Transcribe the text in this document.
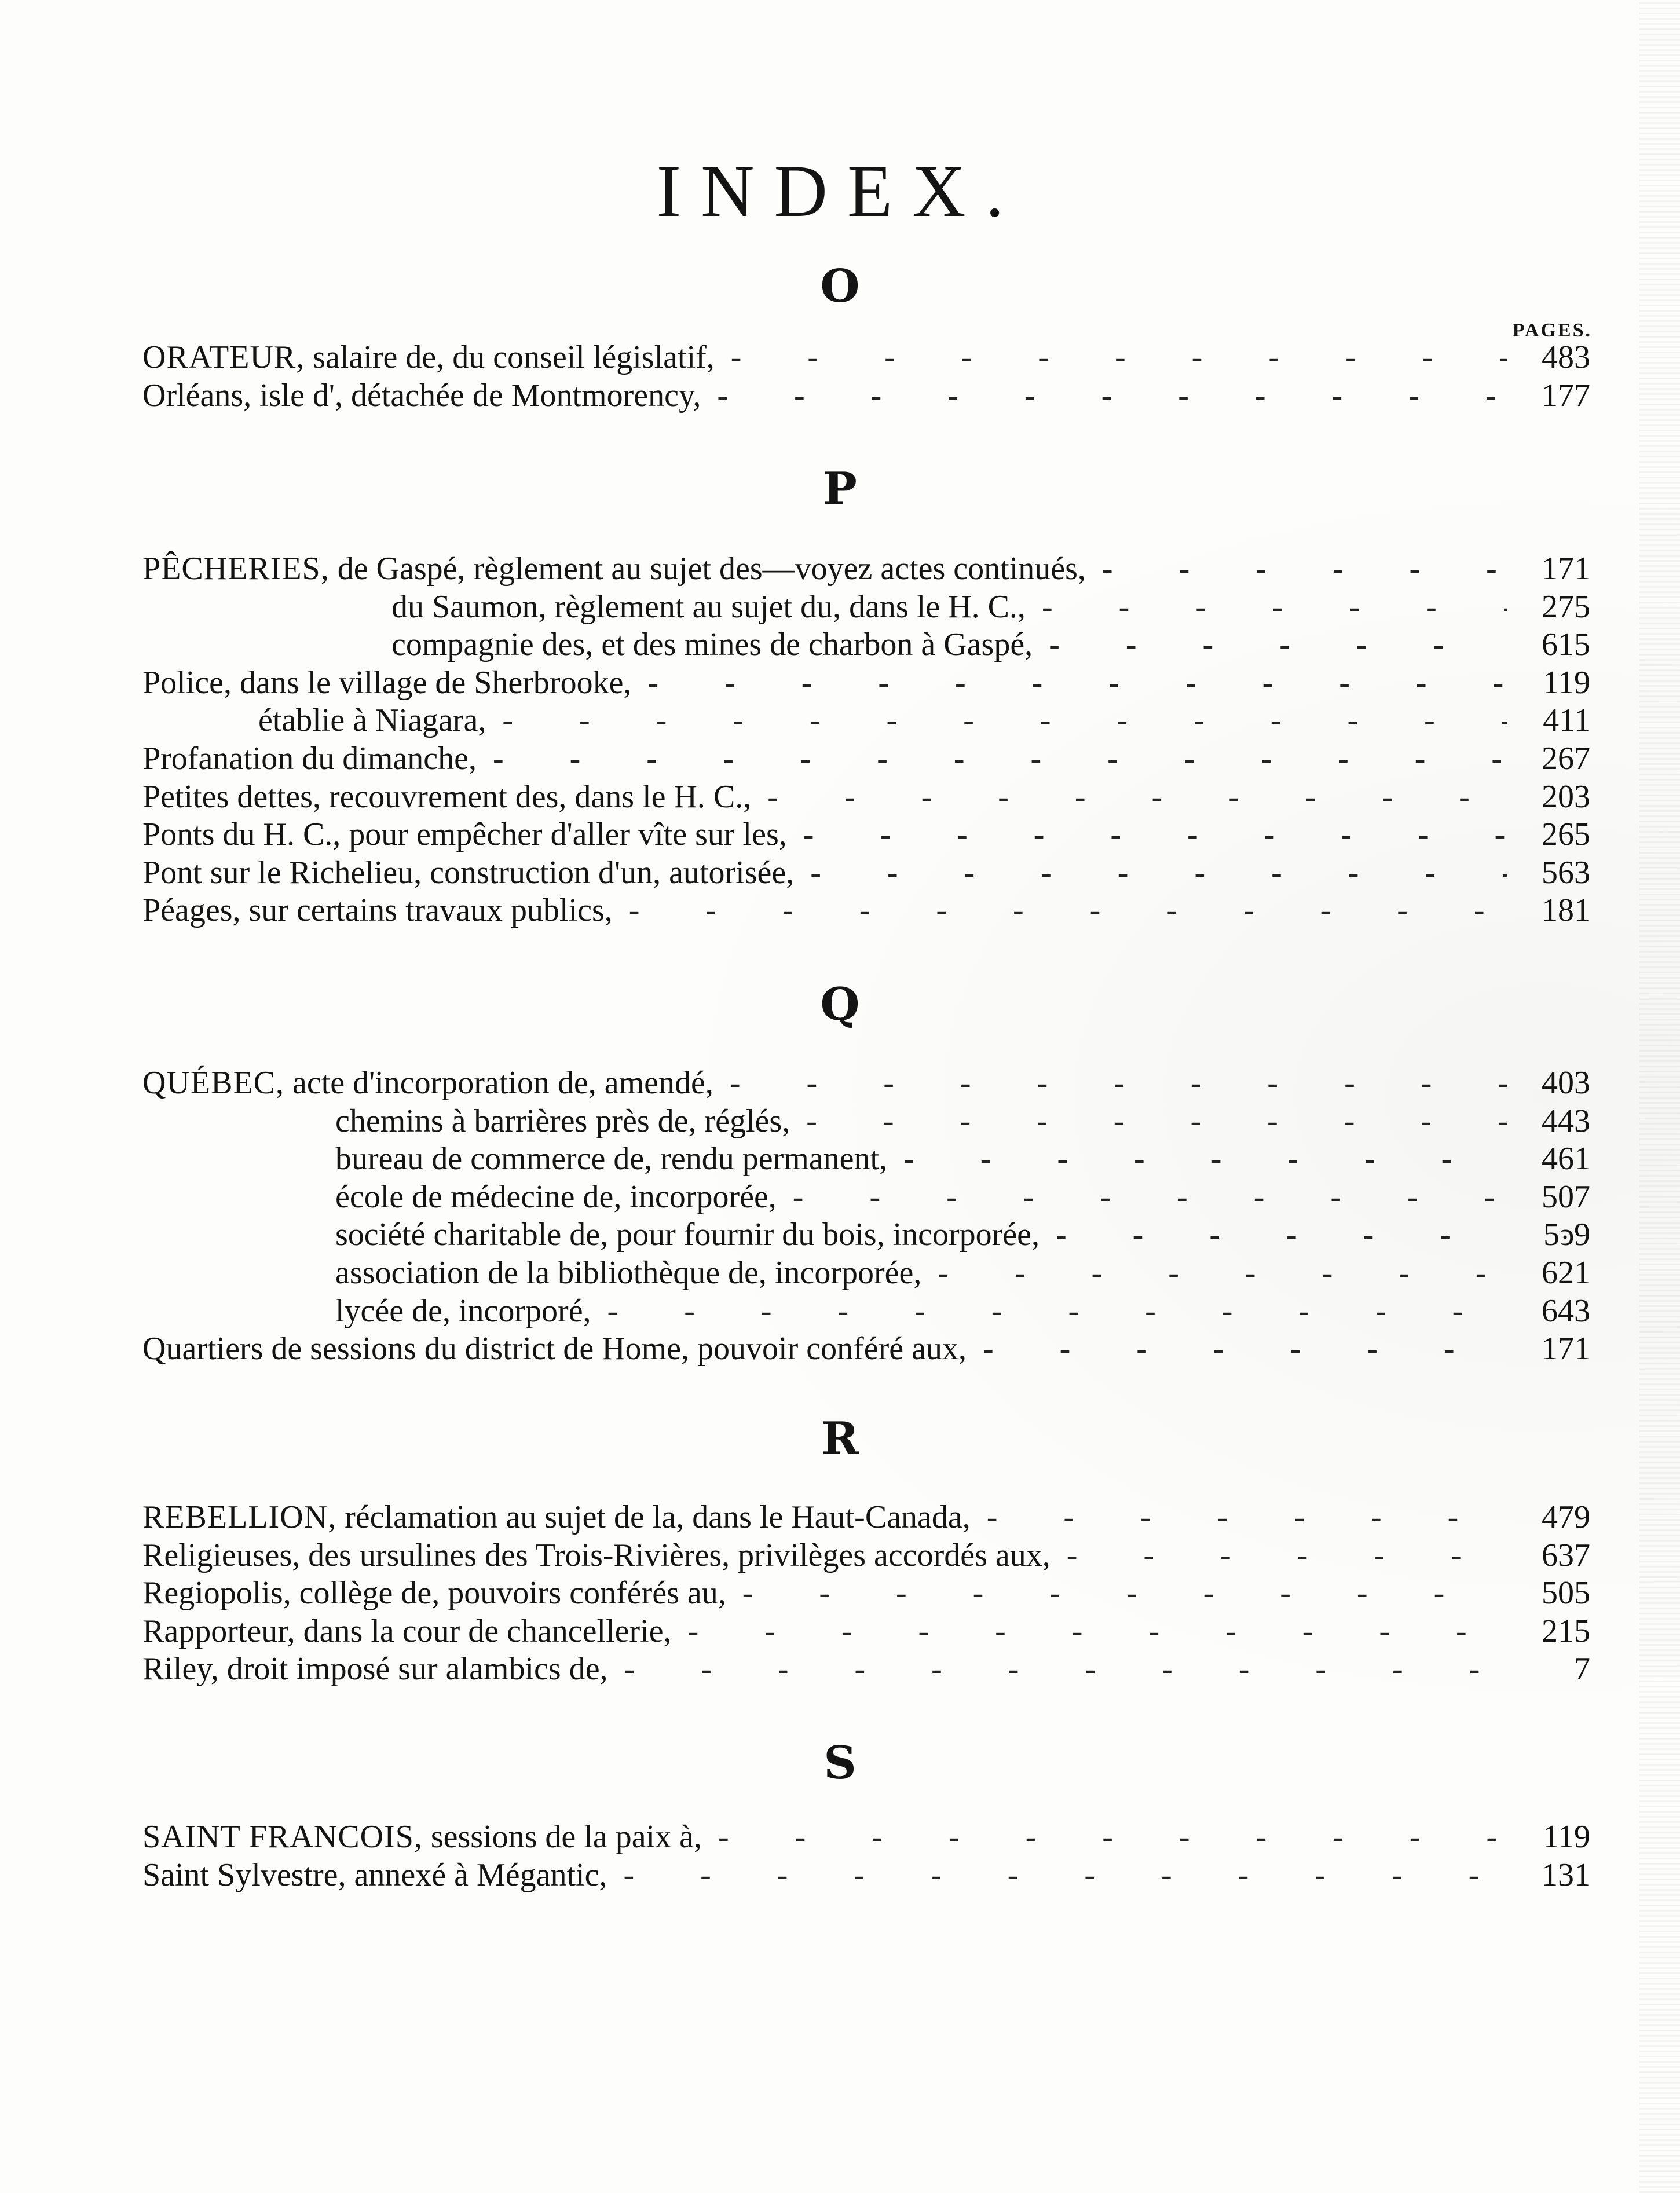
INDEX.
O
PAGES.
ORATEUR, salaire de, du conseil législatif, - - -	483
Orléans, isle d', détachée de Montmorency, - - -	177
P
PÊCHERIES, de Gaspé, règlement au sujet des—voyez actes continués, - - -	171
du Saumon, règlement au sujet du, dans le H. C., - - -	275
compagnie des, et des mines de charbon à Gaspé, - - -	615
Police, dans le village de Sherbrooke, - - -	119
établie à Niagara, - - -	411
Profanation du dimanche, - - -	267
Petites dettes, recouvrement des, dans le H. C., - - -	203
Ponts du H. C., pour empêcher d'aller vîte sur les, - - -	265
Pont sur le Richelieu, construction d'un, autorisée, - - -	563
Péages, sur certains travaux publics, - - -	181
Q
QUÉBEC, acte d'incorporation de, amendé, - - -	403
chemins à barrières près de, réglés, - - -	443
bureau de commerce de, rendu permanent, - - -	461
école de médecine de, incorporée, - - -	507
société charitable de, pour fournir du bois, incorporée, - - -	5ͽ9
association de la bibliothèque de, incorporée, - - -	621
lycée de, incorporé, - - -	643
Quartiers de sessions du district de Home, pouvoir conféré aux, - - -	171
R
REBELLION, réclamation au sujet de la, dans le Haut-Canada, - - -	479
Religieuses, des ursulines des Trois-Rivières, privilèges accordés aux, - - -	637
Regiopolis, collège de, pouvoirs conférés au, - - -	505
Rapporteur, dans la cour de chancellerie, - - -	215
Riley, droit imposé sur alambics de, - - -	7
S
SAINT FRANCOIS, sessions de la paix à, - - -	119
Saint Sylvestre, annexé à Mégantic, - - -	131
